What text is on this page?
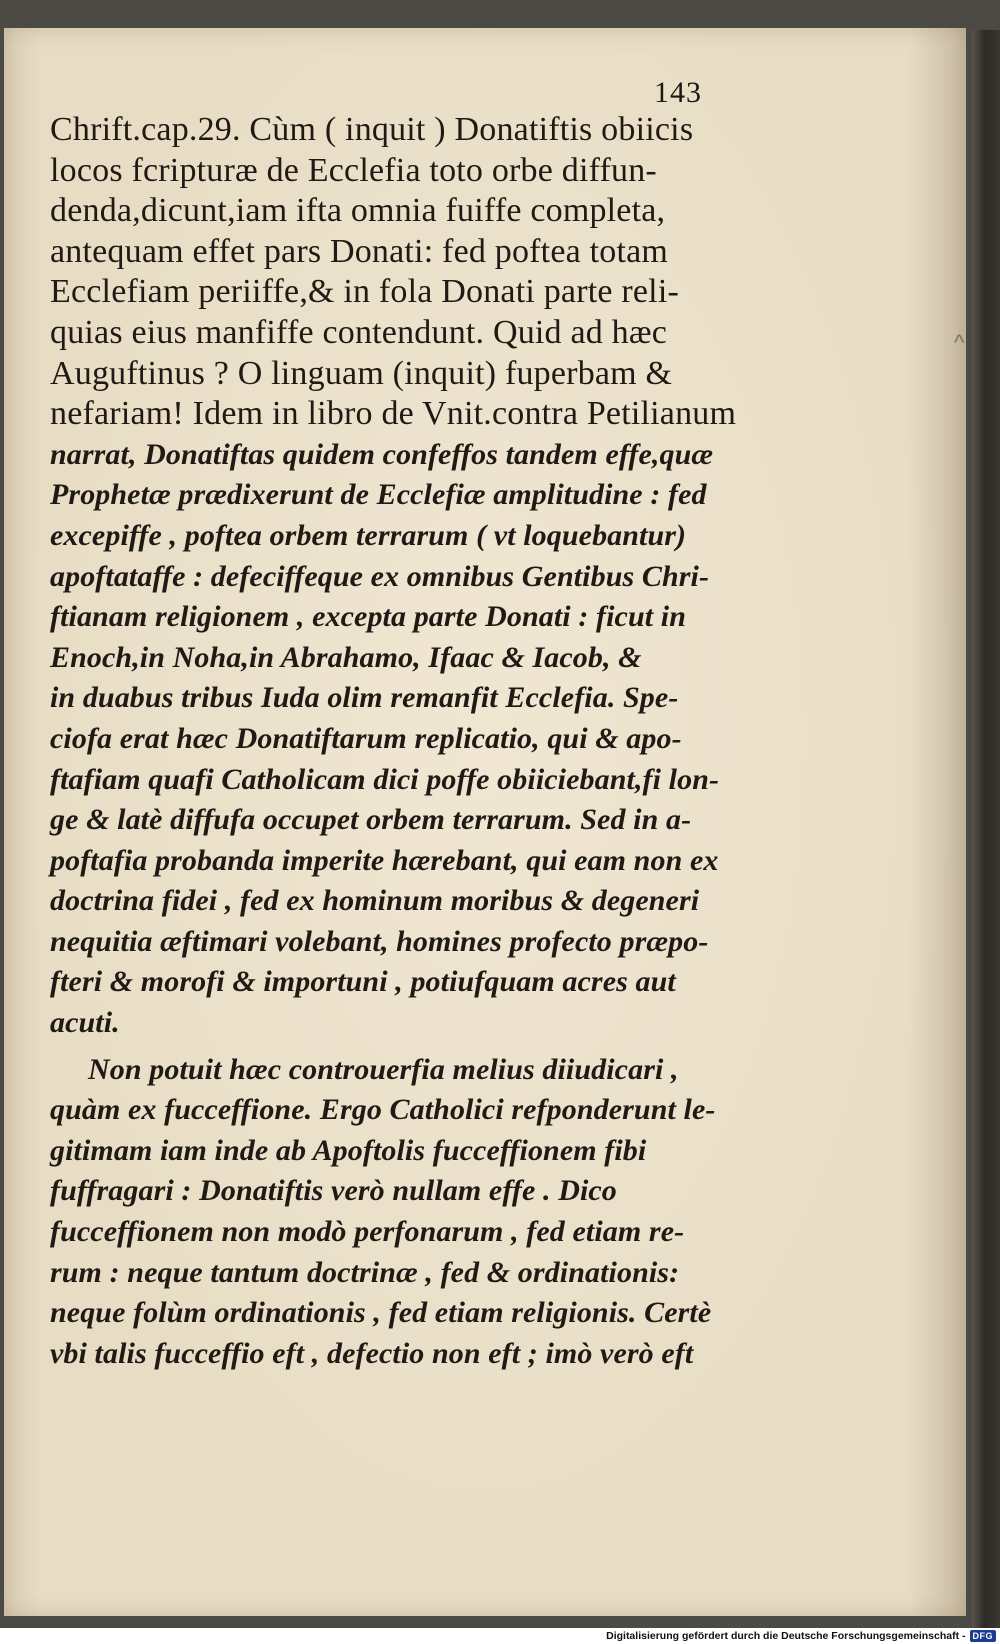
143
Chrift.cap.29. Cùm ( inquit ) Donatiftis obiicis
locos fcripturæ de Ecclefia toto orbe diffun-
denda,dicunt,iam ifta omnia fuiffe completa,
antequam effet pars Donati: fed poftea totam
Ecclefiam periiffe,& in fola Donati parte reli-
quias eius manfiffe contendunt. Quid ad hæc
Auguftinus ? O linguam (inquit) fuperbam &
nefariam! Idem in libro de Vnit.contra Petilianum
narrat, Donatiftas quidem confeffos tandem effe,quæ
Prophetæ prædixerunt de Ecclefiæ amplitudine : fed
excepiffe , poftea orbem terrarum ( vt loquebantur)
apoftataffe : defeciffeque ex omnibus Gentibus Chri-
ftianam religionem , excepta parte Donati : ficut in
Enoch,in Noha,in Abrahamo, Ifaac & Iacob, &
in duabus tribus Iuda olim remanfit Ecclefia. Spe-
ciofa erat hæc Donatiftarum replicatio, qui & apo-
ftafiam quafi Catholicam dici poffe obiiciebant,fi lon-
ge & latè diffufa occupet orbem terrarum. Sed in a-
poftafia probanda imperite hærebant, qui eam non ex
doctrina fidei , fed ex hominum moribus & degeneri
nequitia æftimari volebant, homines profecto præpo-
fteri & morofi & importuni , potiufquam acres aut
acuti.
Non potuit hæc controuerfia melius diiudicari ,
quàm ex fucceffione. Ergo Catholici refponderunt le-
gitimam iam inde ab Apoftolis fucceffionem fibi
fuffragari : Donatiftis verò nullam effe . Dico
fucceffionem non modò perfonarum , fed etiam re-
rum : neque tantum doctrinæ , fed & ordinationis:
neque folùm ordinationis , fed etiam religionis. Certè
vbi talis fucceffio eft , defectio non eft ; imò verò eft
^
Digitalisierung gefördert durch die Deutsche Forschungsgemeinschaft - DFG
